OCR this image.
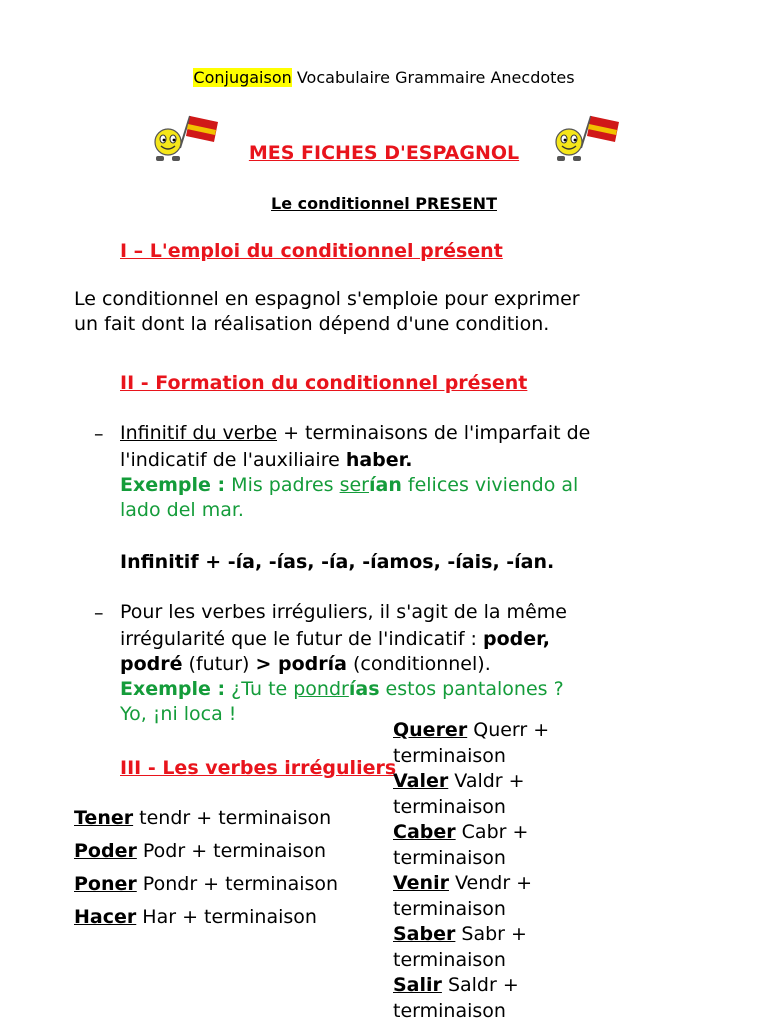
Conjugaison Vocabulaire Grammaire Anecdotes
MES FICHES D'ESPAGNOL
Le conditionnel PRESENT
I – L'emploi du conditionnel présent
Le conditionnel en espagnol s'emploie pour exprimer
un fait dont la réalisation dépend d'une condition.
II - Formation du conditionnel présent
– Infinitif du verbe + terminaisons de l'imparfait de
l'indicatif de l'auxiliaire haber.
Exemple : Mis padres serían felices viviendo al
lado del mar.
Infinitif + -ía, -ías, -ía, -íamos, -íais, -ían.
– Pour les verbes irréguliers, il s'agit de la même
irrégularité que le futur de l'indicatif : poder,
podré (futur) > podría (conditionnel).
Exemple : ¿Tu te pondrías estos pantalones ?
Yo, ¡ni loca !
III - Les verbes irréguliers
Tener tendr + terminaison
Poder Podr + terminaison
Poner Pondr + terminaison
Hacer Har + terminaison
Querer Querr +
terminaison
Valer Valdr +
terminaison
Caber Cabr +
terminaison
Venir Vendr +
terminaison
Saber Sabr +
terminaison
Salir Saldr +
terminaison
